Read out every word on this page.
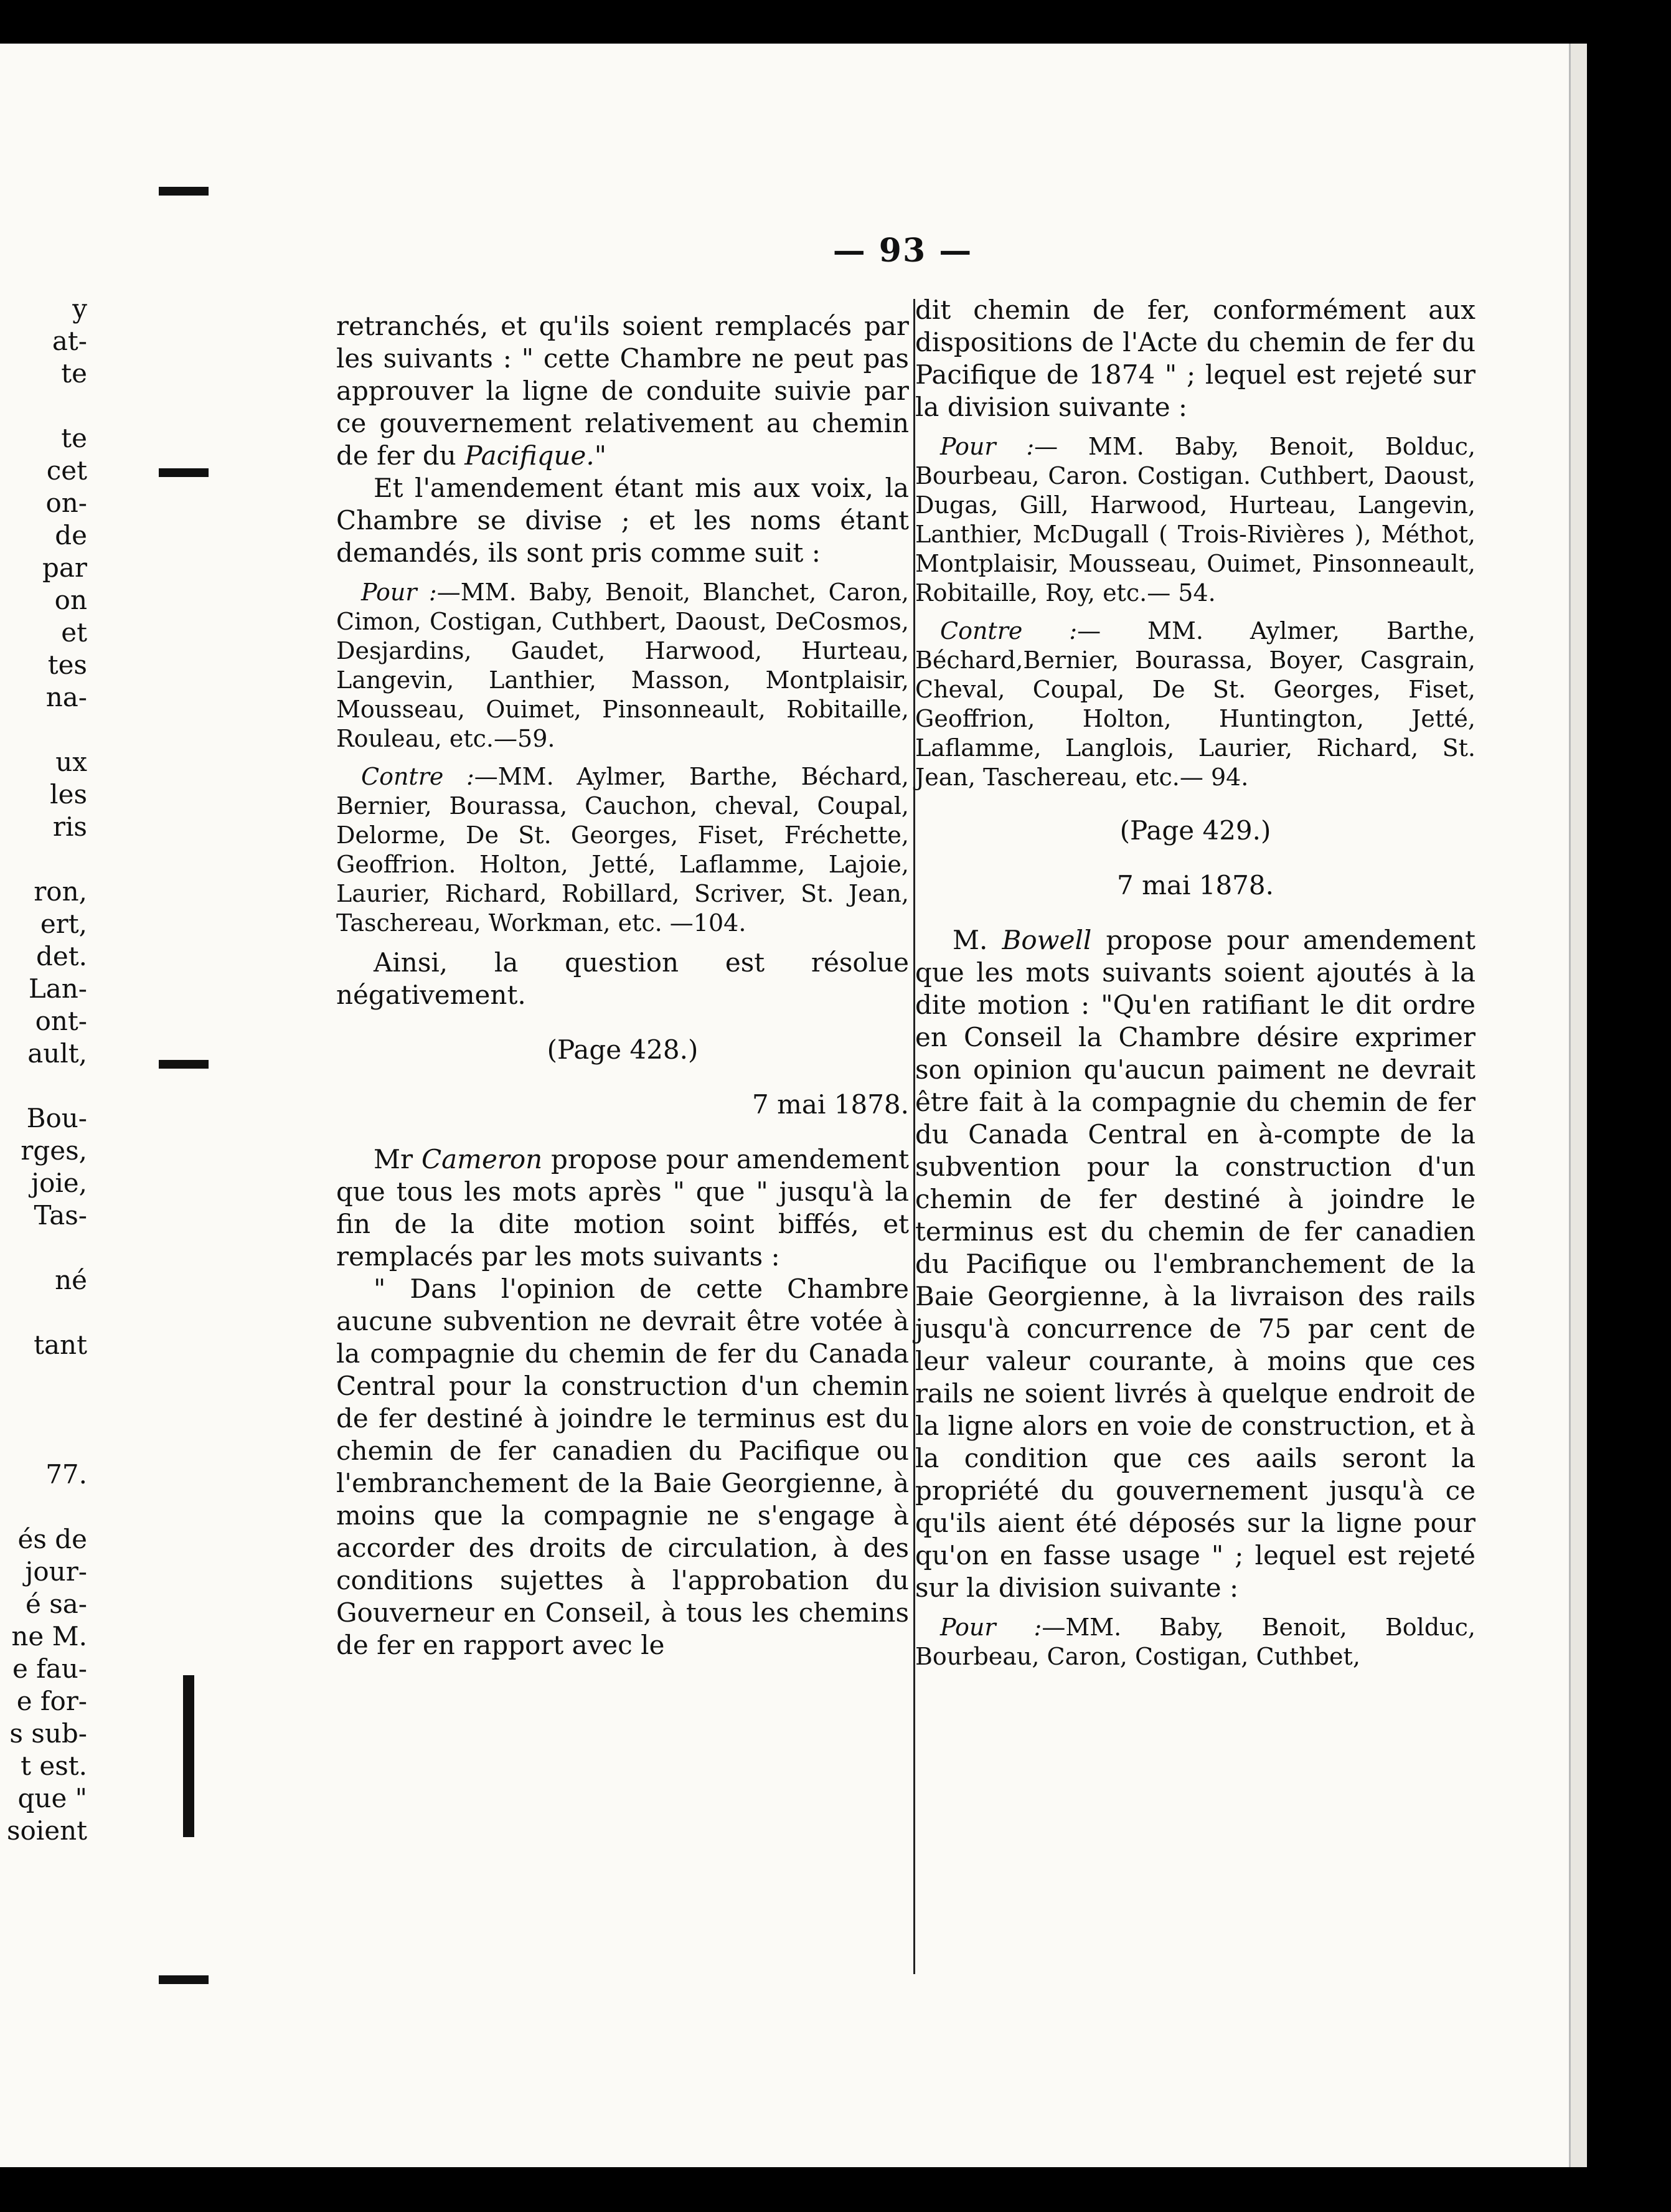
y
at-
te
te
cet
on-
de
par
on
et
tes
na-
ux
les
ris
ron,
ert,
det.
Lan-
ont-
ault,
Bou-
rges,
joie,
Tas-
né
tant
77.
és de
jour-
é sa-
ne M.
e fau-
e for-
s sub-
t est.
que "
soient
— 93 —

retranchés, et qu'ils soient remplacés par les suivants : " cette Chambre ne peut pas approuver la ligne de conduite suivie par ce gouvernement relativement au chemin de fer du Pacifique."

Et l'amendement étant mis aux voix, la Chambre se divise ; et les noms étant demandés, ils sont pris comme suit :

Pour :—MM. Baby, Benoit, Blanchet, Caron, Cimon, Costigan, Cuthbert, Daoust, DeCosmos, Desjardins, Gaudet, Harwood, Hurteau, Langevin, Lanthier, Masson, Montplaisir, Mousseau, Ouimet, Pinsonneault, Robitaille, Rouleau, etc.—59.

Contre :—MM. Aylmer, Barthe, Béchard, Bernier, Bourassa, Cauchon, cheval, Coupal, Delorme, De St. Georges, Fiset, Fréchette, Geoffrion. Holton, Jetté, Laflamme, Lajoie, Laurier, Richard, Robillard, Scriver, St. Jean, Taschereau, Workman, etc. —104.

Ainsi, la question est résolue négativement.

(Page 428.)

7 mai 1878.

Mr Cameron propose pour amendement que tous les mots après " que " jusqu'à la fin de la dite motion soint biffés, et remplacés par les mots suivants :

" Dans l'opinion de cette Chambre aucune subvention ne devrait être votée à la compagnie du chemin de fer du Canada Central pour la construction d'un chemin de fer destiné à joindre le terminus est du chemin de fer canadien du Pacifique ou l'embranchement de la Baie Georgienne, à moins que la compagnie ne s'engage à accorder des droits de circulation, à des conditions sujettes à l'approbation du Gouverneur en Conseil, à tous les chemins de fer en rapport avec le

dit chemin de fer, conformément aux dispositions de l'Acte du chemin de fer du Pacifique de 1874 " ; lequel est rejeté sur la division suivante :

Pour :— MM. Baby, Benoit, Bolduc, Bourbeau, Caron. Costigan. Cuthbert, Daoust, Dugas, Gill, Harwood, Hurteau, Langevin, Lanthier, McDugall ( Trois-Rivières ), Méthot, Montplaisir, Mousseau, Ouimet, Pinsonneault, Robitaille, Roy, etc.— 54.

Contre :— MM. Aylmer, Barthe, Béchard,Bernier, Bourassa, Boyer, Casgrain, Cheval, Coupal, De St. Georges, Fiset, Geoffrion, Holton, Huntington, Jetté, Laflamme, Langlois, Laurier, Richard, St. Jean, Taschereau, etc.— 94.

(Page 429.)

7 mai 1878.

M. Bowell propose pour amendement que les mots suivants soient ajoutés à la dite motion : "Qu'en ratifiant le dit ordre en Conseil la Chambre désire exprimer son opinion qu'aucun paiment ne devrait être fait à la compagnie du chemin de fer du Canada Central en à-compte de la subvention pour la construction d'un chemin de fer destiné à joindre le terminus est du chemin de fer canadien du Pacifique ou l'embranchement de la Baie Georgienne, à la livraison des rails jusqu'à concurrence de 75 par cent de leur valeur courante, à moins que ces rails ne soient livrés à quelque endroit de la ligne alors en voie de construction, et à la condition que ces aails seront la propriété du gouvernement jusqu'à ce qu'ils aient été déposés sur la ligne pour qu'on en fasse usage " ; lequel est rejeté sur la division suivante :

Pour :—MM. Baby, Benoit, Bolduc, Bourbeau, Caron, Costigan, Cuthbet,
